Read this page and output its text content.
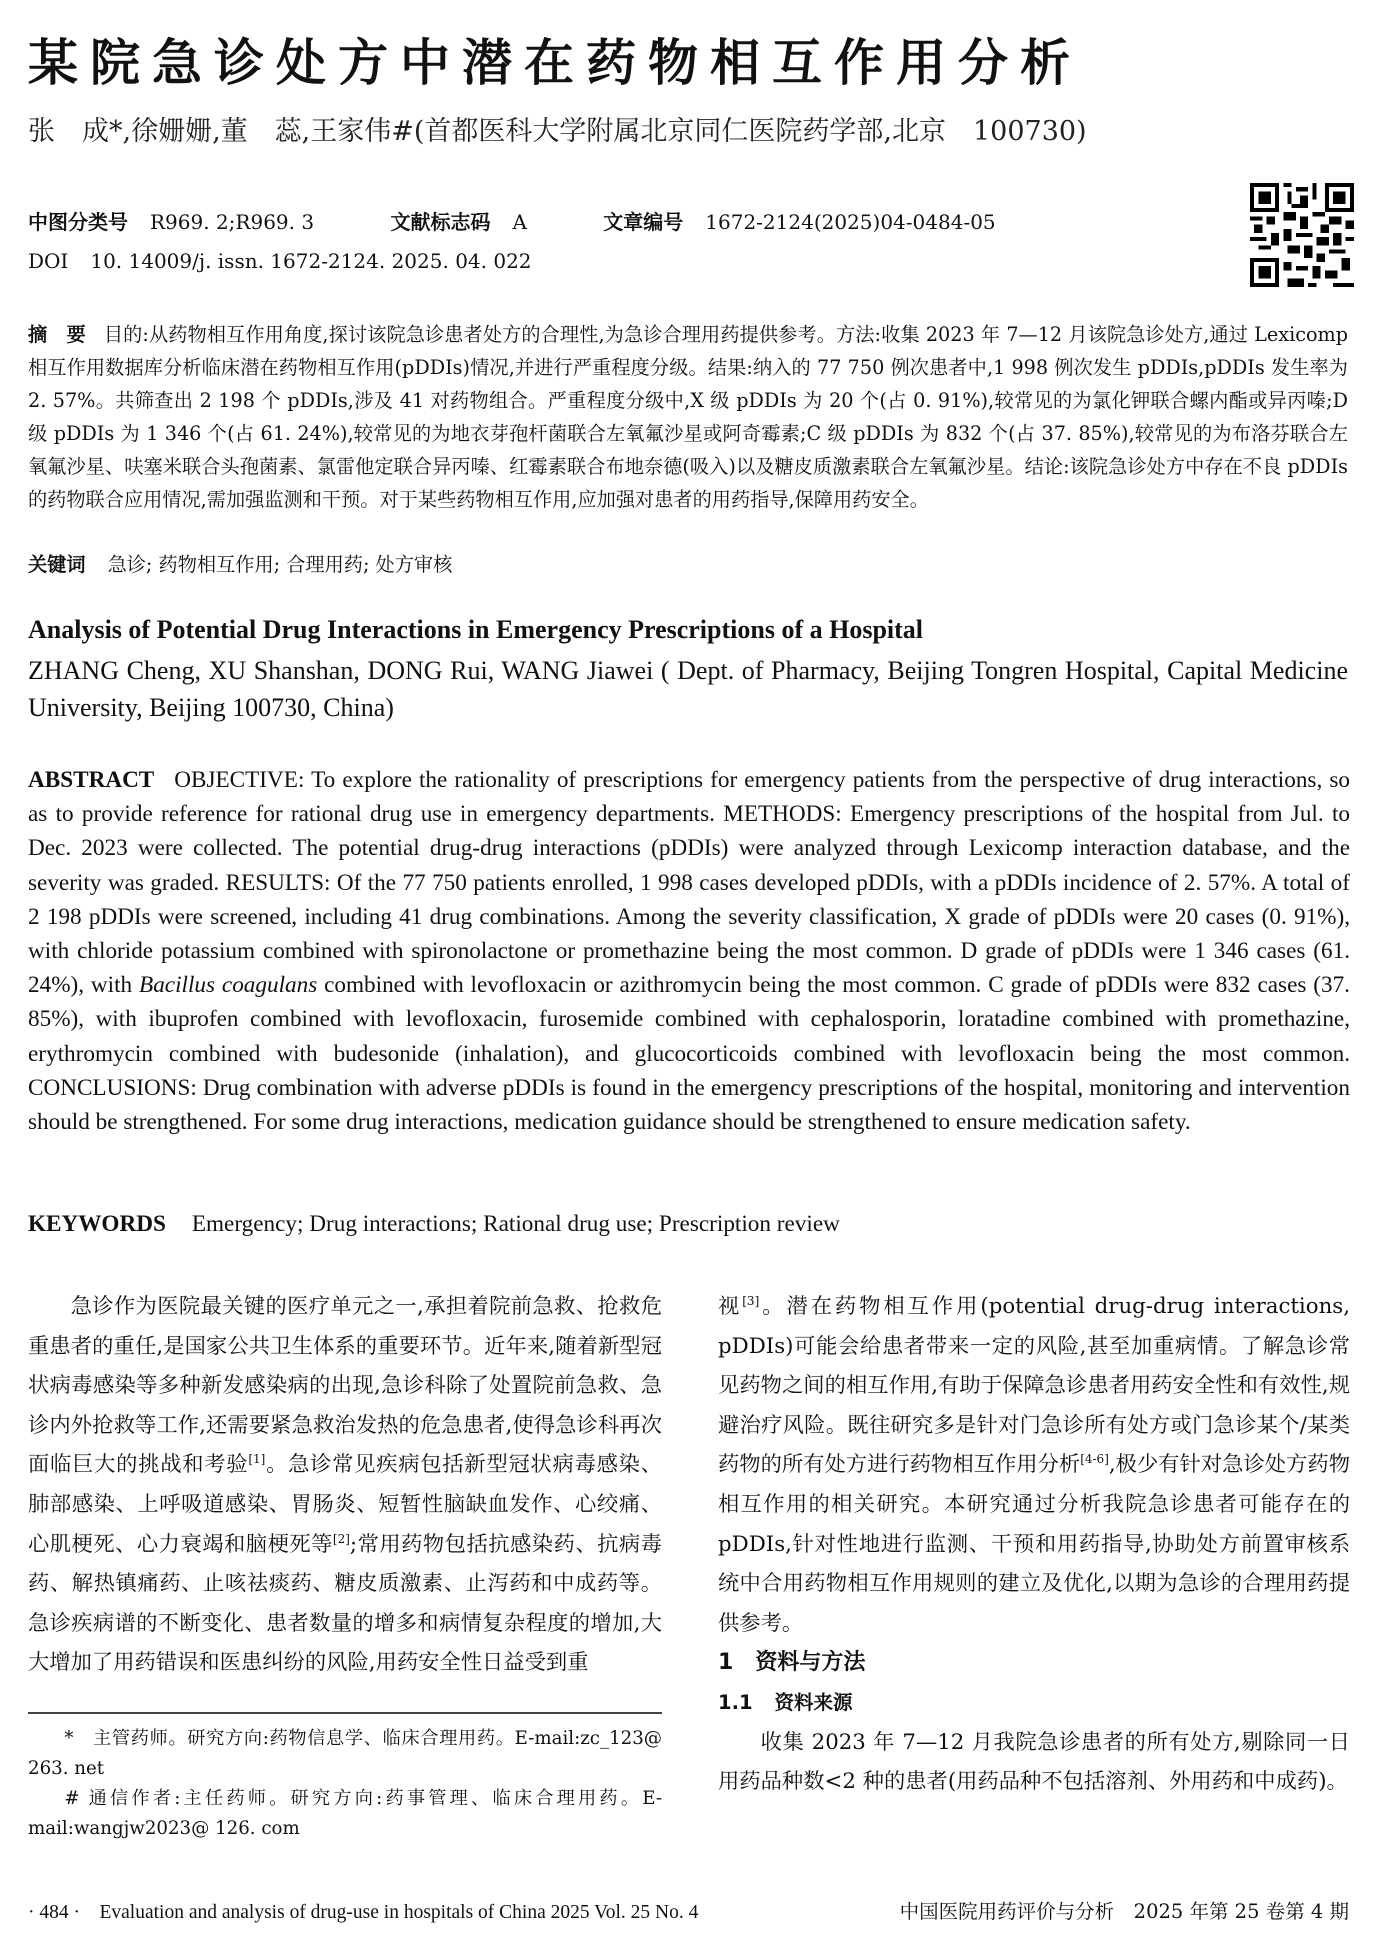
某院急诊处方中潜在药物相互作用分析
张　成*,徐姗姗,董　蕊,王家伟#(首都医科大学附属北京同仁医院药学部,北京　100730)
中图分类号 R969. 2;R969. 3	文献标志码 A	文章编号 1672-2124(2025)04-0484-05
DOI 10. 14009/j. issn. 1672-2124. 2025. 04. 022
摘　要 目的:从药物相互作用角度,探讨该院急诊患者处方的合理性,为急诊合理用药提供参考。方法:收集 2023 年 7—12 月该院急诊处方,通过 Lexicomp 相互作用数据库分析临床潜在药物相互作用(pDDIs)情况,并进行严重程度分级。结果:纳入的 77 750 例次患者中,1 998 例次发生 pDDIs,pDDIs 发生率为 2. 57%。共筛查出 2 198 个 pDDIs,涉及 41 对药物组合。严重程度分级中,X 级 pDDIs 为 20 个(占 0. 91%),较常见的为氯化钾联合螺内酯或异丙嗪;D 级 pDDIs 为 1 346 个(占 61. 24%),较常见的为地衣芽孢杆菌联合左氧氟沙星或阿奇霉素;C 级 pDDIs 为 832 个(占 37. 85%),较常见的为布洛芬联合左氧氟沙星、呋塞米联合头孢菌素、氯雷他定联合异丙嗪、红霉素联合布地奈德(吸入)以及糖皮质激素联合左氧氟沙星。结论:该院急诊处方中存在不良 pDDIs 的药物联合应用情况,需加强监测和干预。对于某些药物相互作用,应加强对患者的用药指导,保障用药安全。
关键词 急诊; 药物相互作用; 合理用药; 处方审核
Analysis of Potential Drug Interactions in Emergency Prescriptions of a Hospital
ZHANG Cheng, XU Shanshan, DONG Rui, WANG Jiawei ( Dept. of Pharmacy, Beijing Tongren Hospital, Capital Medicine University, Beijing 100730, China)
ABSTRACT OBJECTIVE: To explore the rationality of prescriptions for emergency patients from the perspective of drug interactions, so as to provide reference for rational drug use in emergency departments. METHODS: Emergency prescriptions of the hospital from Jul. to Dec. 2023 were collected. The potential drug-drug interactions (pDDIs) were analyzed through Lexicomp interaction database, and the severity was graded. RESULTS: Of the 77 750 patients enrolled, 1 998 cases developed pDDIs, with a pDDIs incidence of 2. 57%. A total of 2 198 pDDIs were screened, including 41 drug combinations. Among the severity classification, X grade of pDDIs were 20 cases (0. 91%), with chloride potassium combined with spironolactone or promethazine being the most common. D grade of pDDIs were 1 346 cases (61. 24%), with Bacillus coagulans combined with levofloxacin or azithromycin being the most common. C grade of pDDIs were 832 cases (37. 85%), with ibuprofen combined with levofloxacin, furosemide combined with cephalosporin, loratadine combined with promethazine, erythromycin combined with budesonide (inhalation), and glucocorticoids combined with levofloxacin being the most common. CONCLUSIONS: Drug combination with adverse pDDIs is found in the emergency prescriptions of the hospital, monitoring and intervention should be strengthened. For some drug interactions, medication guidance should be strengthened to ensure medication safety.
KEYWORDS Emergency; Drug interactions; Rational drug use; Prescription review
急诊作为医院最关键的医疗单元之一,承担着院前急救、抢救危重患者的重任,是国家公共卫生体系的重要环节。近年来,随着新型冠状病毒感染等多种新发感染病的出现,急诊科除了处置院前急救、急诊内外抢救等工作,还需要紧急救治发热的危急患者,使得急诊科再次面临巨大的挑战和考验[1]。急诊常见疾病包括新型冠状病毒感染、肺部感染、上呼吸道感染、胃肠炎、短暂性脑缺血发作、心绞痛、心肌梗死、心力衰竭和脑梗死等[2];常用药物包括抗感染药、抗病毒药、解热镇痛药、止咳祛痰药、糖皮质激素、止泻药和中成药等。急诊疾病谱的不断变化、患者数量的增多和病情复杂程度的增加,大大增加了用药错误和医患纠纷的风险,用药安全性日益受到重
*　主管药师。研究方向:药物信息学、临床合理用药。E-mail:zc_123@ 263. net
# 通信作者:主任药师。研究方向:药事管理、临床合理用药。E-mail:wangjw2023@ 126. com
视[3]。潜在药物相互作用(potential drug-drug interactions, pDDIs)可能会给患者带来一定的风险,甚至加重病情。了解急诊常见药物之间的相互作用,有助于保障急诊患者用药安全性和有效性,规避治疗风险。既往研究多是针对门急诊所有处方或门急诊某个/某类药物的所有处方进行药物相互作用分析[4-6],极少有针对急诊处方药物相互作用的相关研究。本研究通过分析我院急诊患者可能存在的 pDDIs,针对性地进行监测、干预和用药指导,协助处方前置审核系统中合用药物相互作用规则的建立及优化,以期为急诊的合理用药提供参考。
1 资料与方法
1.1 资料来源
收集 2023 年 7—12 月我院急诊患者的所有处方,剔除同一日用药品种数<2 种的患者(用药品种不包括溶剂、外用药和中成药)。
· 484 ·　Evaluation and analysis of drug-use in hospitals of China 2025 Vol. 25 No. 4	中国医院用药评价与分析　2025 年第 25 卷第 4 期
